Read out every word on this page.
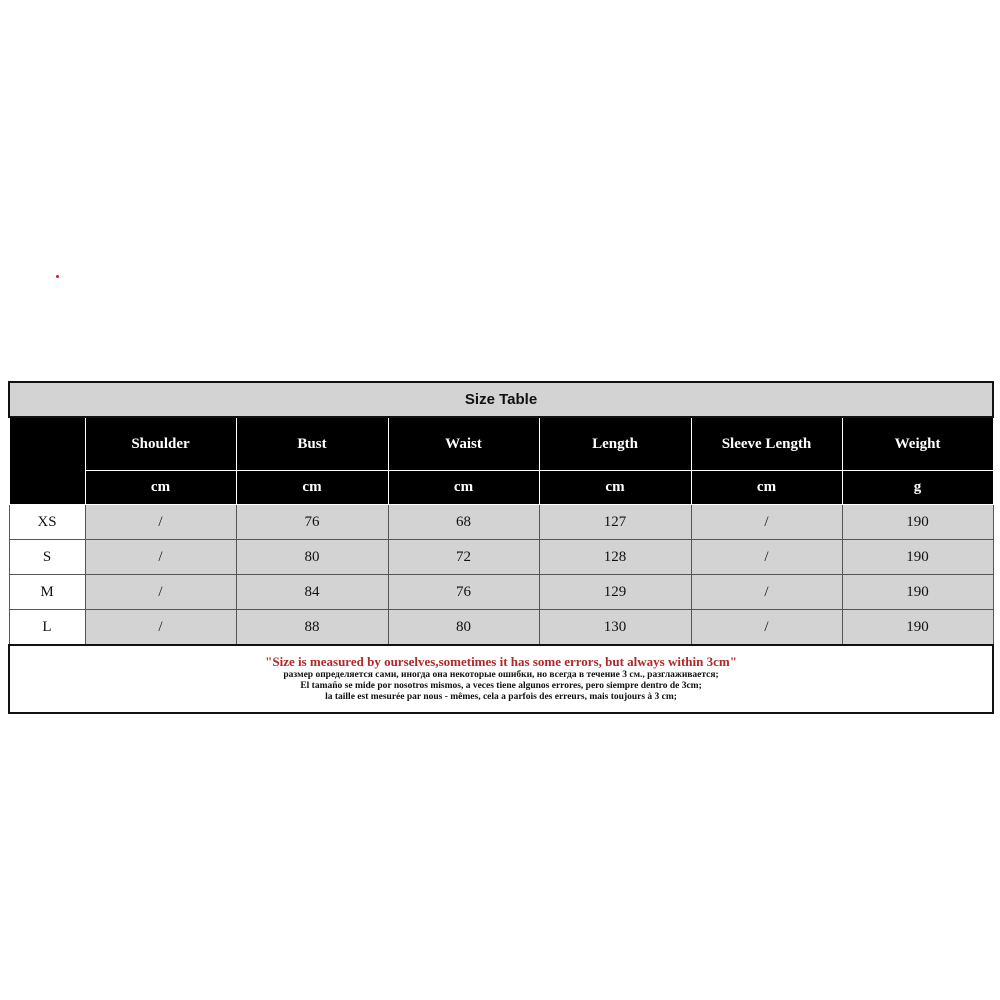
Size Table						
	Shoulder	Bust	Waist	Length	Sleeve Length	Weight
	cm	cm	cm	cm	cm	g
XS	/	76	68	127	/	190
S	/	80	72	128	/	190
M	/	84	76	129	/	190
L	/	88	80	130	/	190

"Size is measured by ourselves,sometimes it has some errors, but always within 3cm"
размер определяется сами, иногда она некоторые ошибки, но всегда в течение 3 см., разглаживается;
El tamaño se mide por nosotros mismos, a veces tiene algunos errores, pero siempre dentro de 3cm;
la taille est mesurée par nous - mêmes, cela a parfois des erreurs, mais toujours à 3 cm;						
